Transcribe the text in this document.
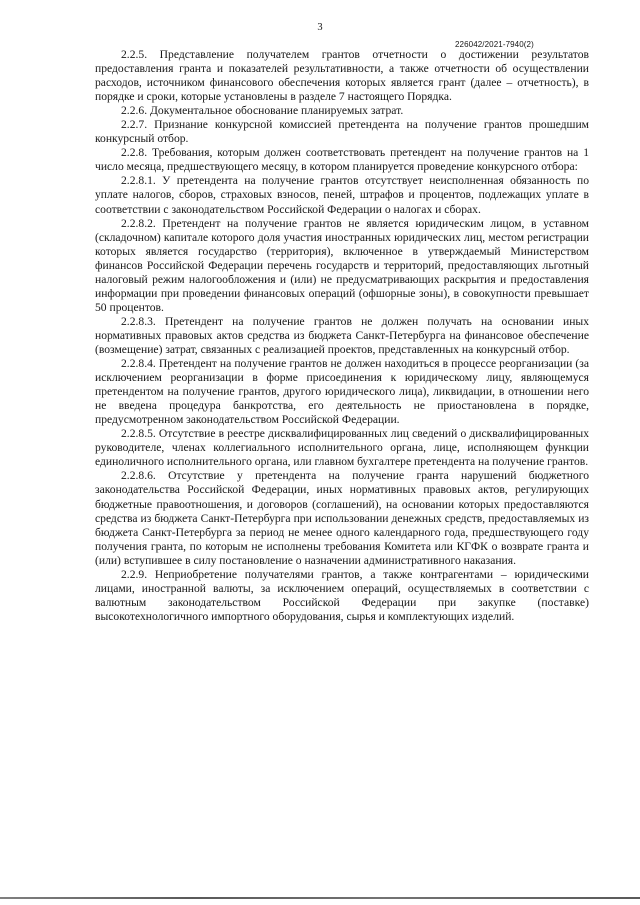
3
226042/2021-7940(2)

2.2.5. Представление получателем грантов отчетности о достижении результатов предоставления гранта и показателей результативности, а также отчетности об осуществлении расходов, источником финансового обеспечения которых является грант (далее – отчетность), в порядке и сроки, которые установлены в разделе 7 настоящего Порядка.

2.2.6. Документальное обоснование планируемых затрат.

2.2.7. Признание конкурсной комиссией претендента на получение грантов прошедшим конкурсный отбор.

2.2.8. Требования, которым должен соответствовать претендент на получение грантов на 1 число месяца, предшествующего месяцу, в котором планируется проведение конкурсного отбора:

2.2.8.1. У претендента на получение грантов отсутствует неисполненная обязанность по уплате налогов, сборов, страховых взносов, пеней, штрафов и процентов, подлежащих уплате в соответствии с законодательством Российской Федерации о налогах и сборах.

2.2.8.2. Претендент на получение грантов не является юридическим лицом, в уставном (складочном) капитале которого доля участия иностранных юридических лиц, местом регистрации которых является государство (территория), включенное в утверждаемый Министерством финансов Российской Федерации перечень государств и территорий, предоставляющих льготный налоговый режим налогообложения и (или) не предусматривающих раскрытия и предоставления информации при проведении финансовых операций (офшорные зоны), в совокупности превышает 50 процентов.

2.2.8.3. Претендент на получение грантов не должен получать на основании иных нормативных правовых актов средства из бюджета Санкт-Петербурга на финансовое обеспечение (возмещение) затрат, связанных с реализацией проектов, представленных на конкурсный отбор.

2.2.8.4. Претендент на получение грантов не должен находиться в процессе реорганизации (за исключением реорганизации в форме присоединения к юридическому лицу, являющемуся претендентом на получение грантов, другого юридического лица), ликвидации, в отношении него не введена процедура банкротства, его деятельность не приостановлена в порядке, предусмотренном законодательством Российской Федерации.

2.2.8.5. Отсутствие в реестре дисквалифицированных лиц сведений о дисквалифицированных руководителе, членах коллегиального исполнительного органа, лице, исполняющем функции единоличного исполнительного органа, или главном бухгалтере претендента на получение грантов.

2.2.8.6. Отсутствие у претендента на получение гранта нарушений бюджетного законодательства Российской Федерации, иных нормативных правовых актов, регулирующих бюджетные правоотношения, и договоров (соглашений), на основании которых предоставляются средства из бюджета Санкт-Петербурга при использовании денежных средств, предоставляемых из бюджета Санкт-Петербурга за период не менее одного календарного года, предшествующего году получения гранта, по которым не исполнены требования Комитета или КГФК о возврате гранта и (или) вступившее в силу постановление о назначении административного наказания.

2.2.9. Неприобретение получателями грантов, а также контрагентами – юридическими лицами, иностранной валюты, за исключением операций, осуществляемых в соответствии с валютным законодательством Российской Федерации при закупке (поставке) высокотехнологичного импортного оборудования, сырья и комплектующих изделий.
